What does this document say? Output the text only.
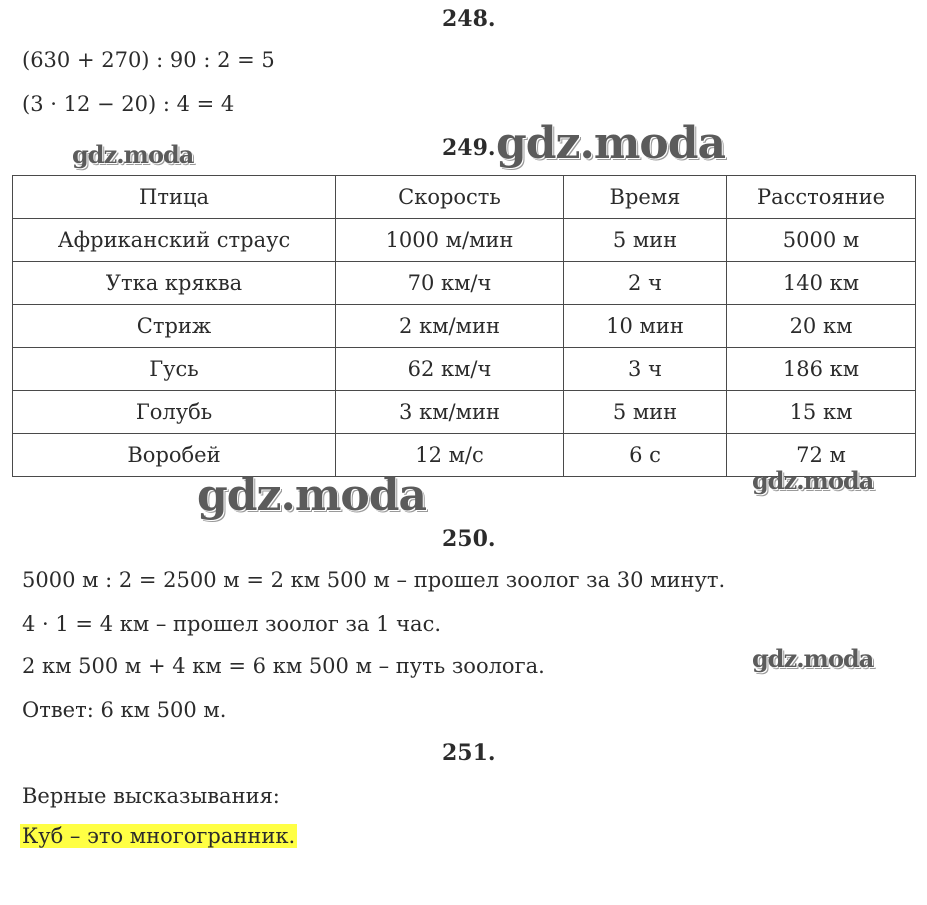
248.
(630 + 270) : 90 : 2 = 5
(3 · 12 − 20) : 4 = 4
gdz.moda	gdz.moda
249.
Птица	Скорость	Время	Расстояние
Африканский страус	1000 м/мин	5 мин	5000 м
Утка кряква	70 км/ч	2 ч	140 км
Стриж	2 км/мин	10 мин	20 км
Гусь	62 км/ч	3 ч	186 км
Голубь	3 км/мин	5 мин	15 км
Воробей	12 м/с	6 с	72 м
gdz.moda	gdz.moda
250.
5000 м : 2 = 2500 м = 2 км 500 м – прошел зоолог за 30 минут.
4 · 1 = 4 км – прошел зоолог за 1 час.
2 км 500 м + 4 км = 6 км 500 м – путь зоолога.
Ответ: 6 км 500 м.
gdz.moda
251.
Верные высказывания:
Куб – это многогранник.
